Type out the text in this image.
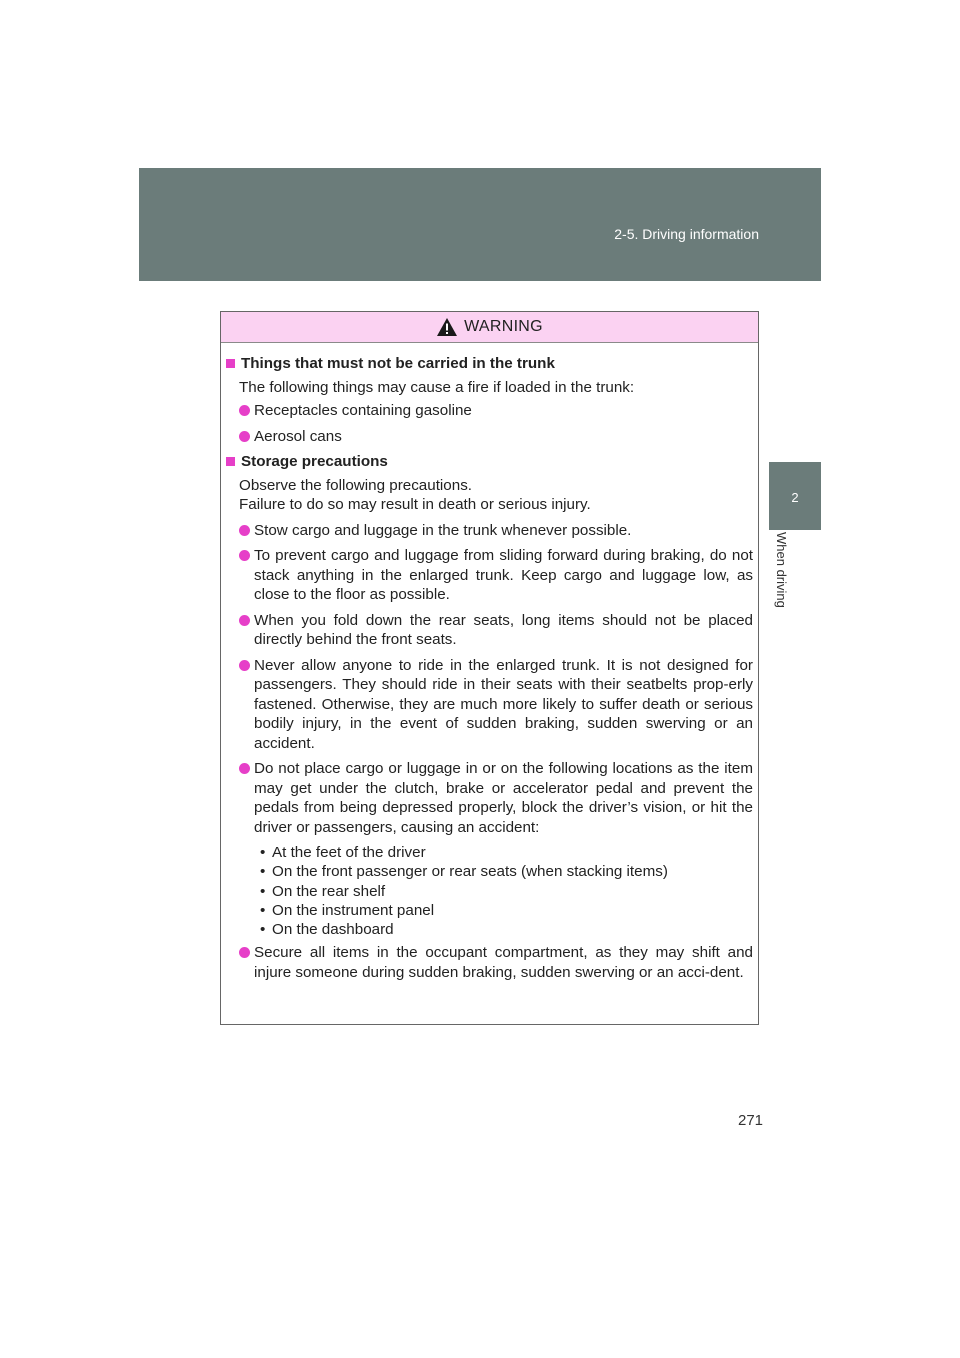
2-5. Driving information
2
When driving
WARNING
Things that must not be carried in the trunk
The following things may cause a fire if loaded in the trunk:
Receptacles containing gasoline
Aerosol cans
Storage precautions
Observe the following precautions.
Failure to do so may result in death or serious injury.
Stow cargo and luggage in the trunk whenever possible.
To prevent cargo and luggage from sliding forward during braking, do not stack anything in the enlarged trunk. Keep cargo and luggage low, as close to the floor as possible.
When you fold down the rear seats, long items should not be placed directly behind the front seats.
Never allow anyone to ride in the enlarged trunk. It is not designed for passengers. They should ride in their seats with their seatbelts prop-erly fastened. Otherwise, they are much more likely to suffer death or serious bodily injury, in the event of sudden braking, sudden swerving or an accident.
Do not place cargo or luggage in or on the following locations as the item may get under the clutch, brake or accelerator pedal and prevent the pedals from being depressed properly, block the driver’s vision, or hit the driver or passengers, causing an accident:
• At the feet of the driver
• On the front passenger or rear seats (when stacking items)
• On the rear shelf
• On the instrument panel
• On the dashboard
Secure all items in the occupant compartment, as they may shift and injure someone during sudden braking, sudden swerving or an acci-dent.
271
